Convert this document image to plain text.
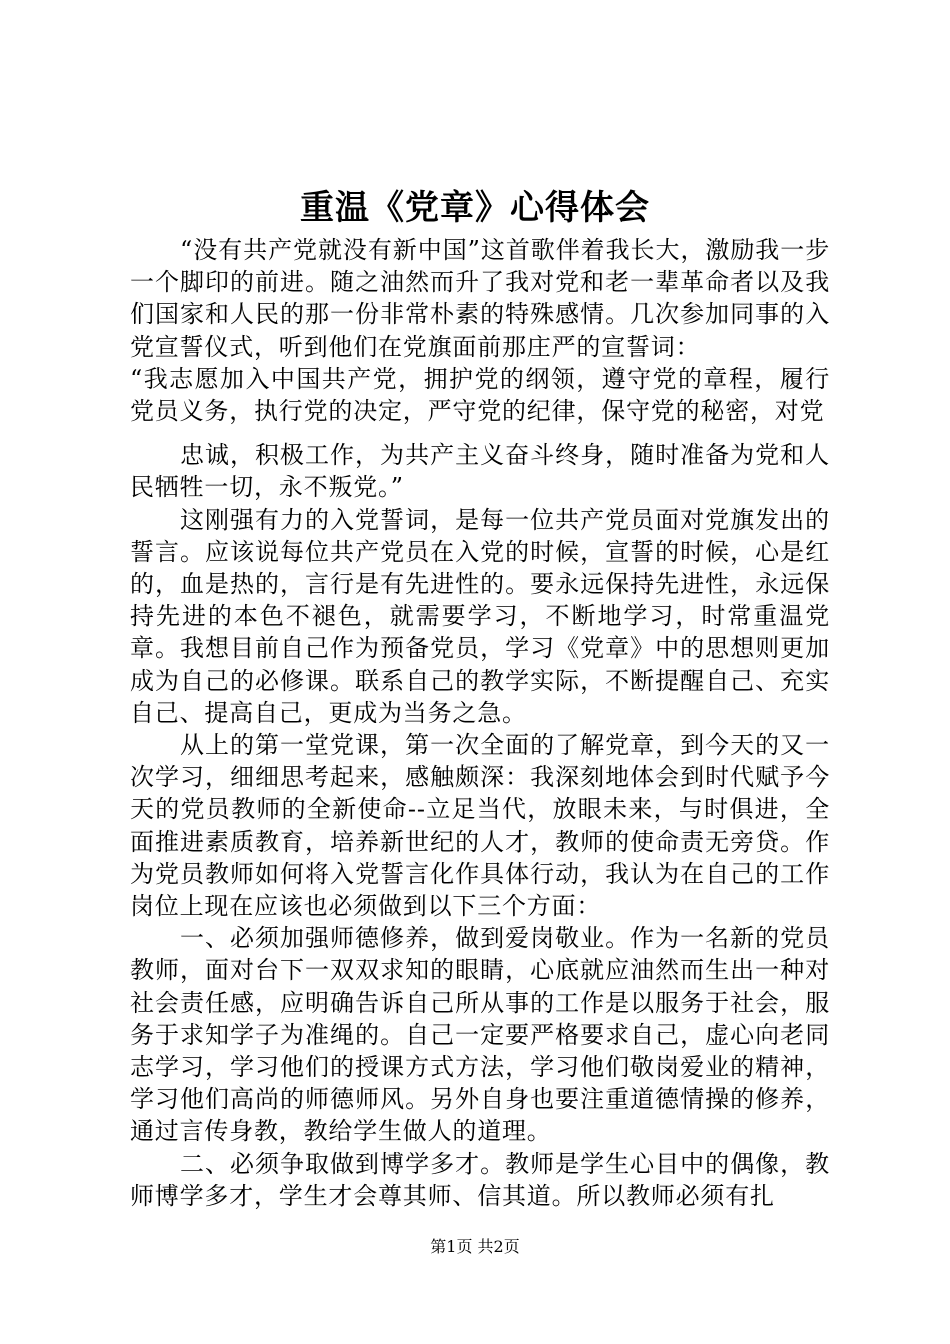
重温《党章》心得体会

“没有共产党就没有新中国”这首歌伴着我长大，激励我一步一个脚印的前进。随之油然而升了我对党和老一辈革命者以及我们国家和人民的那一份非常朴素的特殊感情。几次参加同事的入党宣誓仪式，听到他们在党旗面前那庄严的宣誓词：

“我志愿加入中国共产党，拥护党的纲领，遵守党的章程，履行党员义务，执行党的决定，严守党的纪律，保守党的秘密，对党

忠诚，积极工作，为共产主义奋斗终身，随时准备为党和人民牺牲一切，永不叛党。”

这刚强有力的入党誓词，是每一位共产党员面对党旗发出的誓言。应该说每位共产党员在入党的时候，宣誓的时候，心是红的，血是热的，言行是有先进性的。要永远保持先进性，永远保持先进的本色不褪色，就需要学习，不断地学习，时常重温党章。我想目前自己作为预备党员，学习《党章》中的思想则更加成为自己的必修课。联系自己的教学实际，不断提醒自己、充实自己、提高自己，更成为当务之急。

从上的第一堂党课，第一次全面的了解党章，到今天的又一次学习，细细思考起来，感触颇深：我深刻地体会到时代赋予今天的党员教师的全新使命--立足当代，放眼未来，与时俱进，全面推进素质教育，培养新世纪的人才，教师的使命责无旁贷。作为党员教师如何将入党誓言化作具体行动，我认为在自己的工作岗位上现在应该也必须做到以下三个方面：

一、必须加强师德修养，做到爱岗敬业。作为一名新的党员教师，面对台下一双双求知的眼睛，心底就应油然而生出一种对社会责任感，应明确告诉自己所从事的工作是以服务于社会，服务于求知学子为准绳的。自己一定要严格要求自己，虚心向老同志学习，学习他们的授课方式方法，学习他们敬岗爱业的精神，学习他们高尚的师德师风。另外自身也要注重道德情操的修养，通过言传身教，教给学生做人的道理。

二、必须争取做到博学多才。教师是学生心目中的偶像，教师博学多才，学生才会尊其师、信其道。所以教师必须有扎

第1页 共2页
